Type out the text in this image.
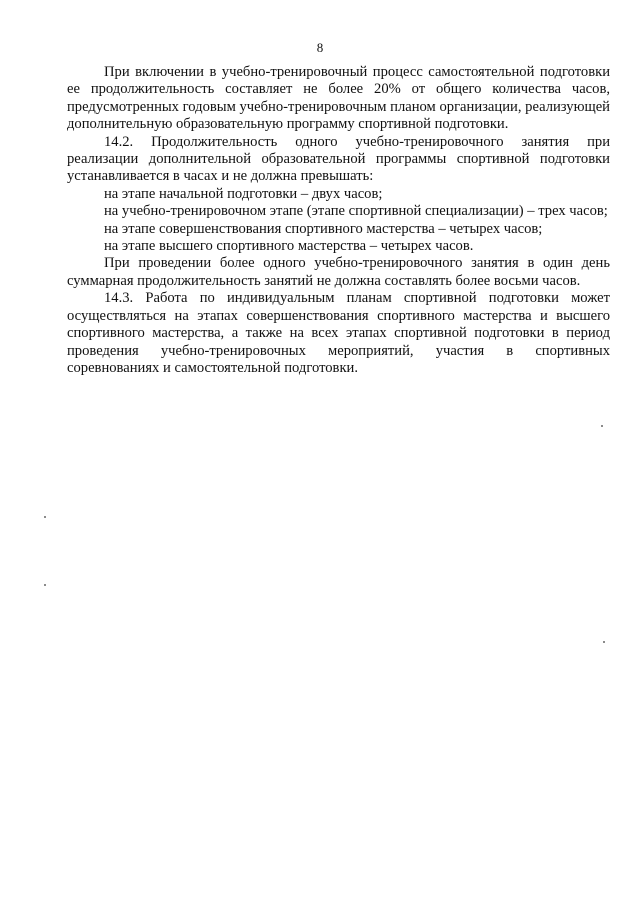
8

При включении в учебно-тренировочный процесс самостоятельной подготовки ее продолжительность составляет не более 20% от общего количества часов, предусмотренных годовым учебно-тренировочным планом организации, реализующей дополнительную образовательную программу спортивной подготовки.

14.2. Продолжительность одного учебно-тренировочного занятия при реализации дополнительной образовательной программы спортивной подготовки устанавливается в часах и не должна превышать:

на этапе начальной подготовки – двух часов;

на учебно-тренировочном этапе (этапе спортивной специализации) – трех часов;

на этапе совершенствования спортивного мастерства – четырех часов;

на этапе высшего спортивного мастерства – четырех часов.

При проведении более одного учебно-тренировочного занятия в один день суммарная продолжительность занятий не должна составлять более восьми часов.

14.3. Работа по индивидуальным планам спортивной подготовки может осуществляться на этапах совершенствования спортивного мастерства и высшего спортивного мастерства, а также на всех этапах спортивной подготовки в период проведения учебно-тренировочных мероприятий, участия в спортивных соревнованиях и самостоятельной подготовки.
